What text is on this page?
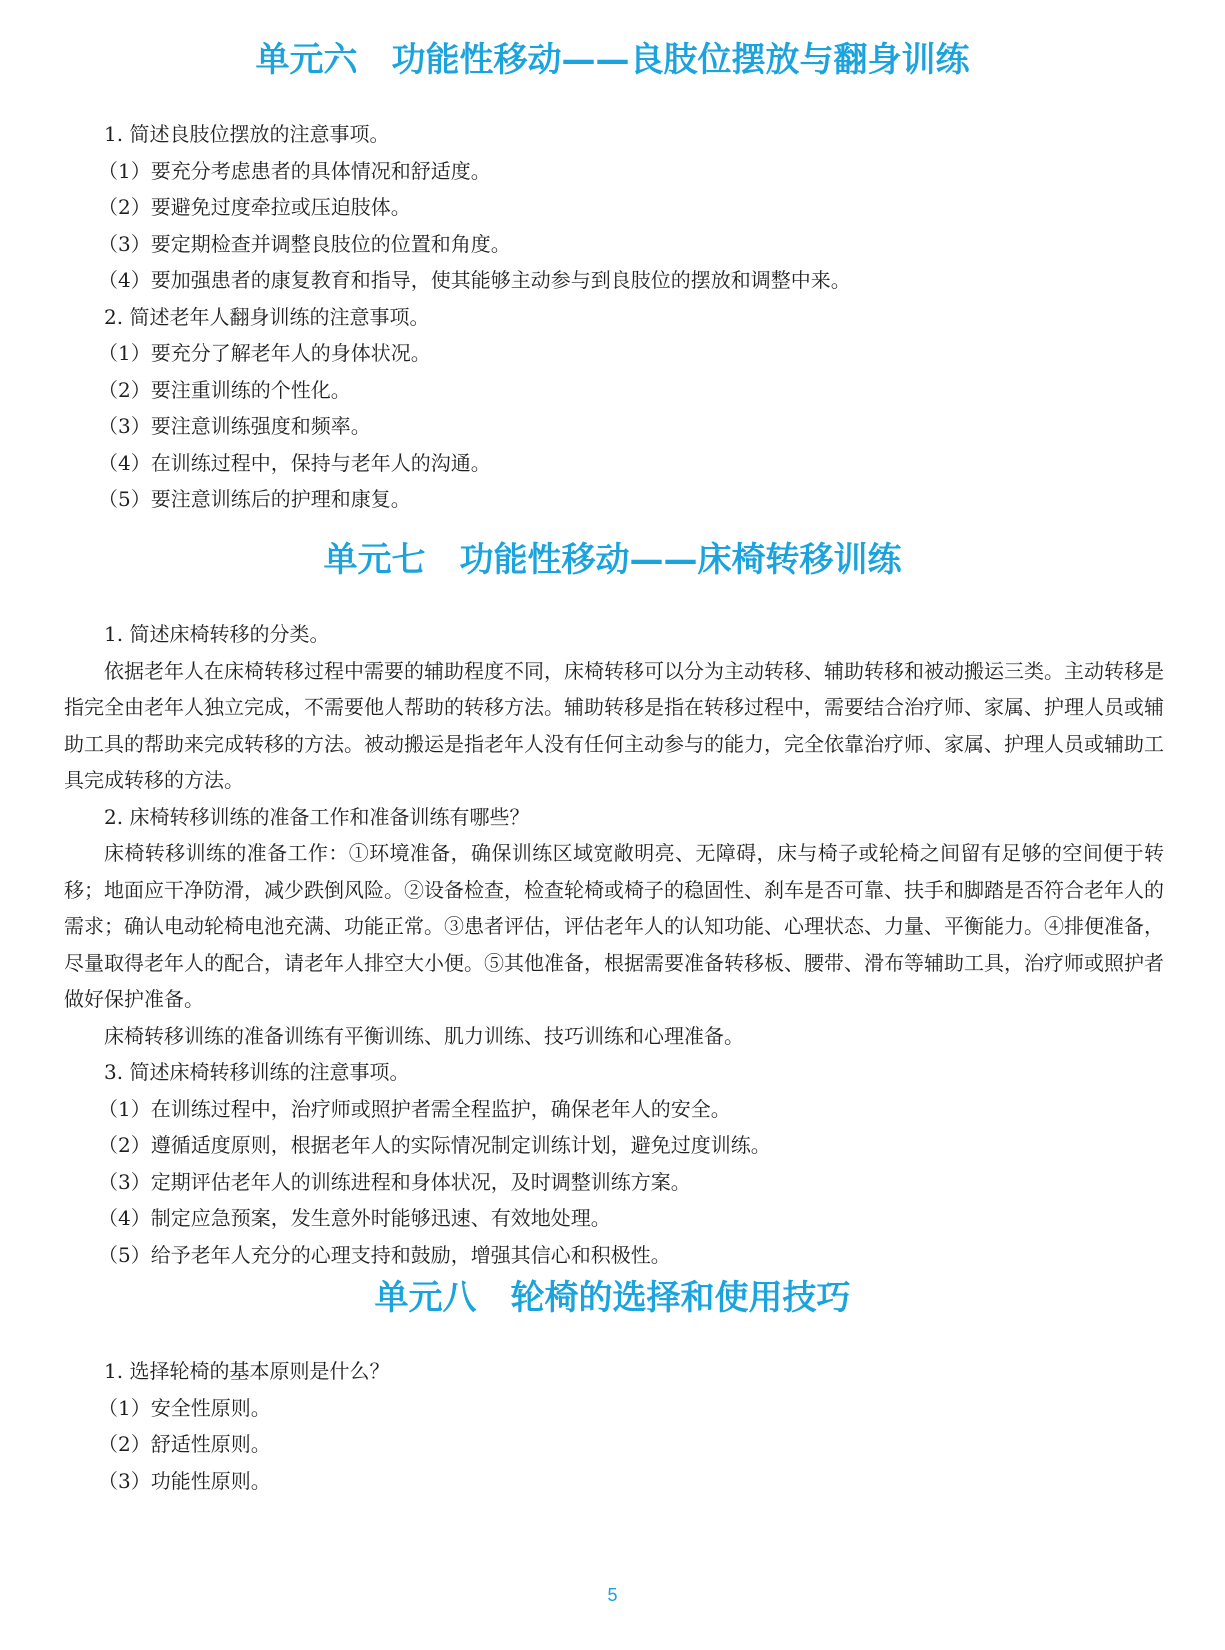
单元六　功能性移动——良肢位摆放与翻身训练
1. 简述良肢位摆放的注意事项。
（1）要充分考虑患者的具体情况和舒适度。
（2）要避免过度牵拉或压迫肢体。
（3）要定期检查并调整良肢位的位置和角度。
（4）要加强患者的康复教育和指导，使其能够主动参与到良肢位的摆放和调整中来。
2. 简述老年人翻身训练的注意事项。
（1）要充分了解老年人的身体状况。
（2）要注重训练的个性化。
（3）要注意训练强度和频率。
（4）在训练过程中，保持与老年人的沟通。
（5）要注意训练后的护理和康复。
单元七　功能性移动——床椅转移训练
1. 简述床椅转移的分类。

依据老年人在床椅转移过程中需要的辅助程度不同，床椅转移可以分为主动转移、辅助转移和被动搬运三类。主动转移是指完全由老年人独立完成，不需要他人帮助的转移方法。辅助转移是指在转移过程中，需要结合治疗师、家属、护理人员或辅助工具的帮助来完成转移的方法。被动搬运是指老年人没有任何主动参与的能力，完全依靠治疗师、家属、护理人员或辅助工具完成转移的方法。

2. 床椅转移训练的准备工作和准备训练有哪些？

床椅转移训练的准备工作：①环境准备，确保训练区域宽敞明亮、无障碍，床与椅子或轮椅之间留有足够的空间便于转移；地面应干净防滑，减少跌倒风险。②设备检查，检查轮椅或椅子的稳固性、刹车是否可靠、扶手和脚踏是否符合老年人的需求；确认电动轮椅电池充满、功能正常。③患者评估，评估老年人的认知功能、心理状态、力量、平衡能力。④排便准备，尽量取得老年人的配合，请老年人排空大小便。⑤其他准备，根据需要准备转移板、腰带、滑布等辅助工具，治疗师或照护者做好保护准备。

床椅转移训练的准备训练有平衡训练、肌力训练、技巧训练和心理准备。

3. 简述床椅转移训练的注意事项。
（1）在训练过程中，治疗师或照护者需全程监护，确保老年人的安全。
（2）遵循适度原则，根据老年人的实际情况制定训练计划，避免过度训练。
（3）定期评估老年人的训练进程和身体状况，及时调整训练方案。
（4）制定应急预案，发生意外时能够迅速、有效地处理。
（5）给予老年人充分的心理支持和鼓励，增强其信心和积极性。
单元八　轮椅的选择和使用技巧
1. 选择轮椅的基本原则是什么？
（1）安全性原则。
（2）舒适性原则。
（3）功能性原则。
5
